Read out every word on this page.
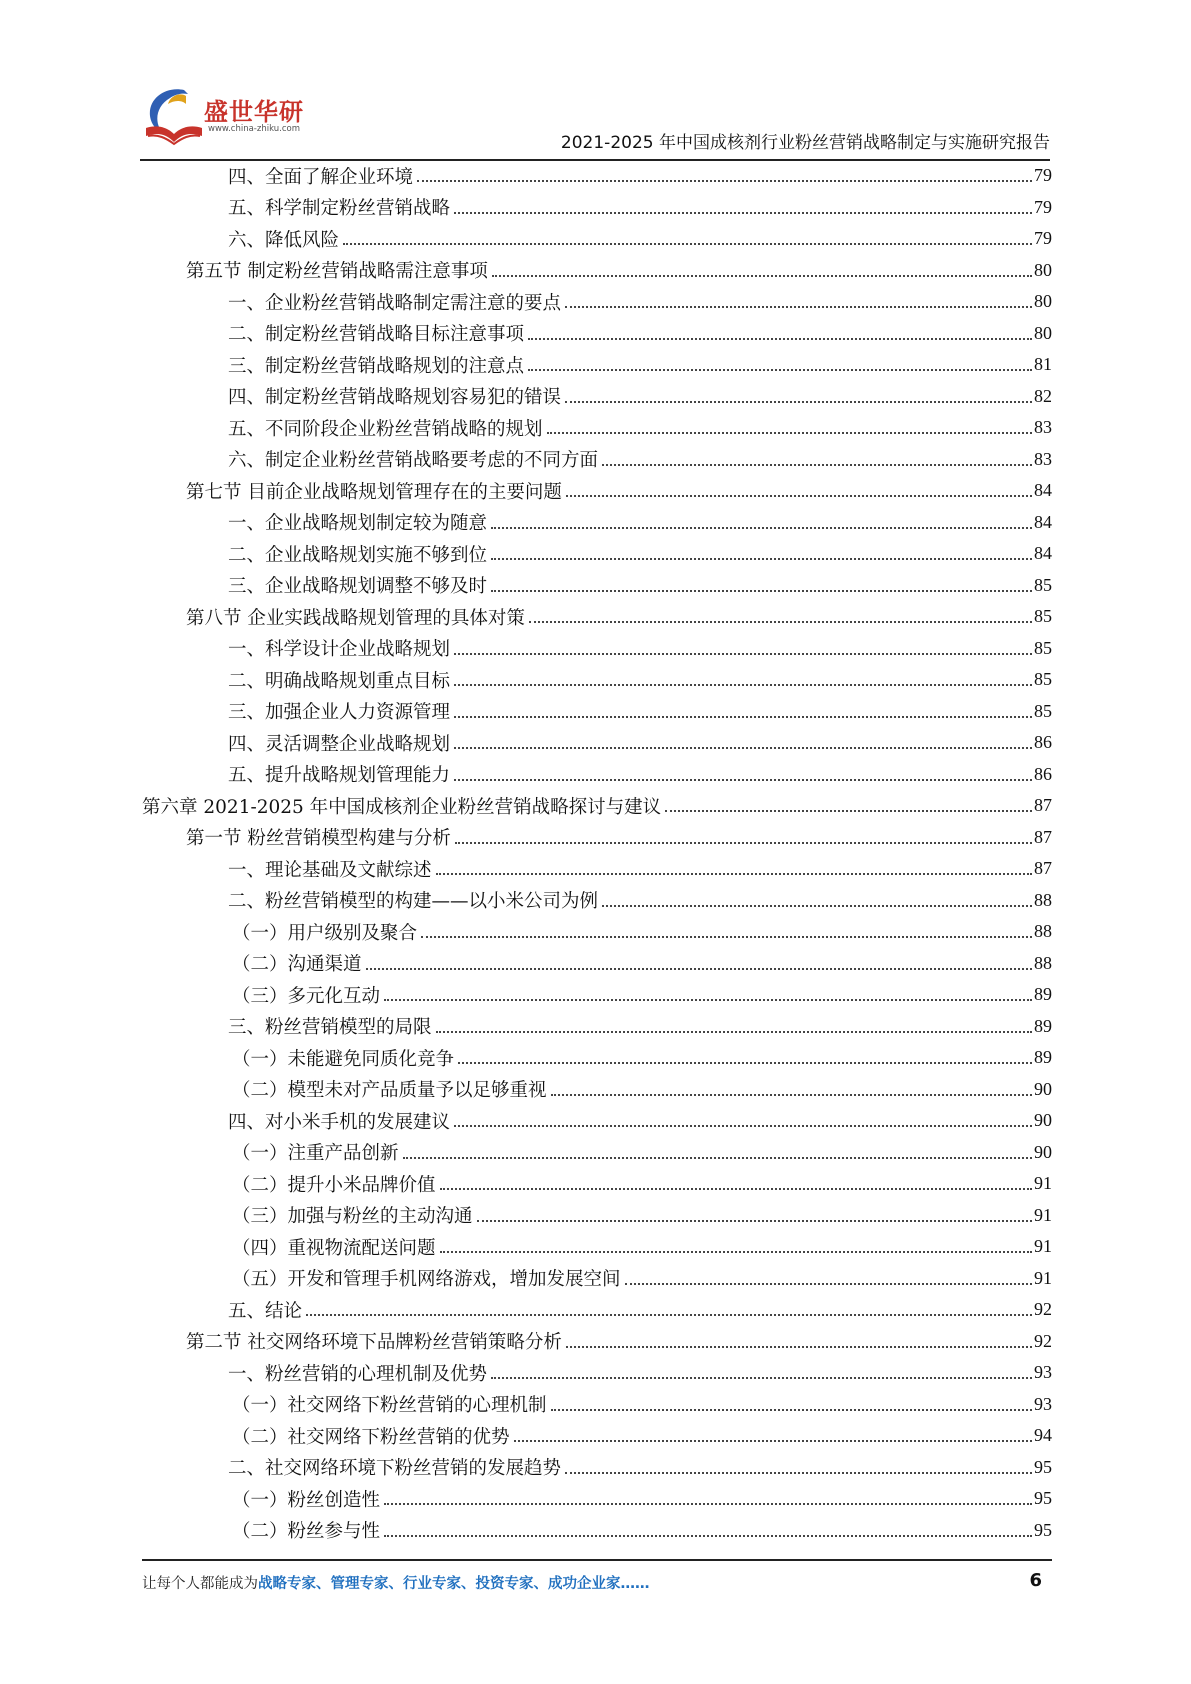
盛世华研
www.china-zhiku.com
2021-2025 年中国成核剂行业粉丝营销战略制定与实施研究报告
四、全面了解企业环境	79
五、科学制定粉丝营销战略	79
六、降低风险	79
第五节 制定粉丝营销战略需注意事项	80
一、企业粉丝营销战略制定需注意的要点	80
二、制定粉丝营销战略目标注意事项	80
三、制定粉丝营销战略规划的注意点	81
四、制定粉丝营销战略规划容易犯的错误	82
五、不同阶段企业粉丝营销战略的规划	83
六、制定企业粉丝营销战略要考虑的不同方面	83
第七节 目前企业战略规划管理存在的主要问题	84
一、企业战略规划制定较为随意	84
二、企业战略规划实施不够到位	84
三、企业战略规划调整不够及时	85
第八节 企业实践战略规划管理的具体对策	85
一、科学设计企业战略规划	85
二、明确战略规划重点目标	85
三、加强企业人力资源管理	85
四、灵活调整企业战略规划	86
五、提升战略规划管理能力	86
第六章 2021-2025 年中国成核剂企业粉丝营销战略探讨与建议	87
第一节 粉丝营销模型构建与分析	87
一、理论基础及文献综述	87
二、粉丝营销模型的构建——以小米公司为例	88
（一）用户级别及聚合	88
（二）沟通渠道	88
（三）多元化互动	89
三、粉丝营销模型的局限	89
（一）未能避免同质化竞争	89
（二）模型未对产品质量予以足够重视	90
四、对小米手机的发展建议	90
（一）注重产品创新	90
（二）提升小米品牌价值	91
（三）加强与粉丝的主动沟通	91
（四）重视物流配送问题	91
（五）开发和管理手机网络游戏，增加发展空间	91
五、结论	92
第二节 社交网络环境下品牌粉丝营销策略分析	92
一、粉丝营销的心理机制及优势	93
（一）社交网络下粉丝营销的心理机制	93
（二）社交网络下粉丝营销的优势	94
二、社交网络环境下粉丝营销的发展趋势	95
（一）粉丝创造性	95
（二）粉丝参与性	95
让每个人都能成为战略专家、管理专家、行业专家、投资专家、成功企业家……	6
